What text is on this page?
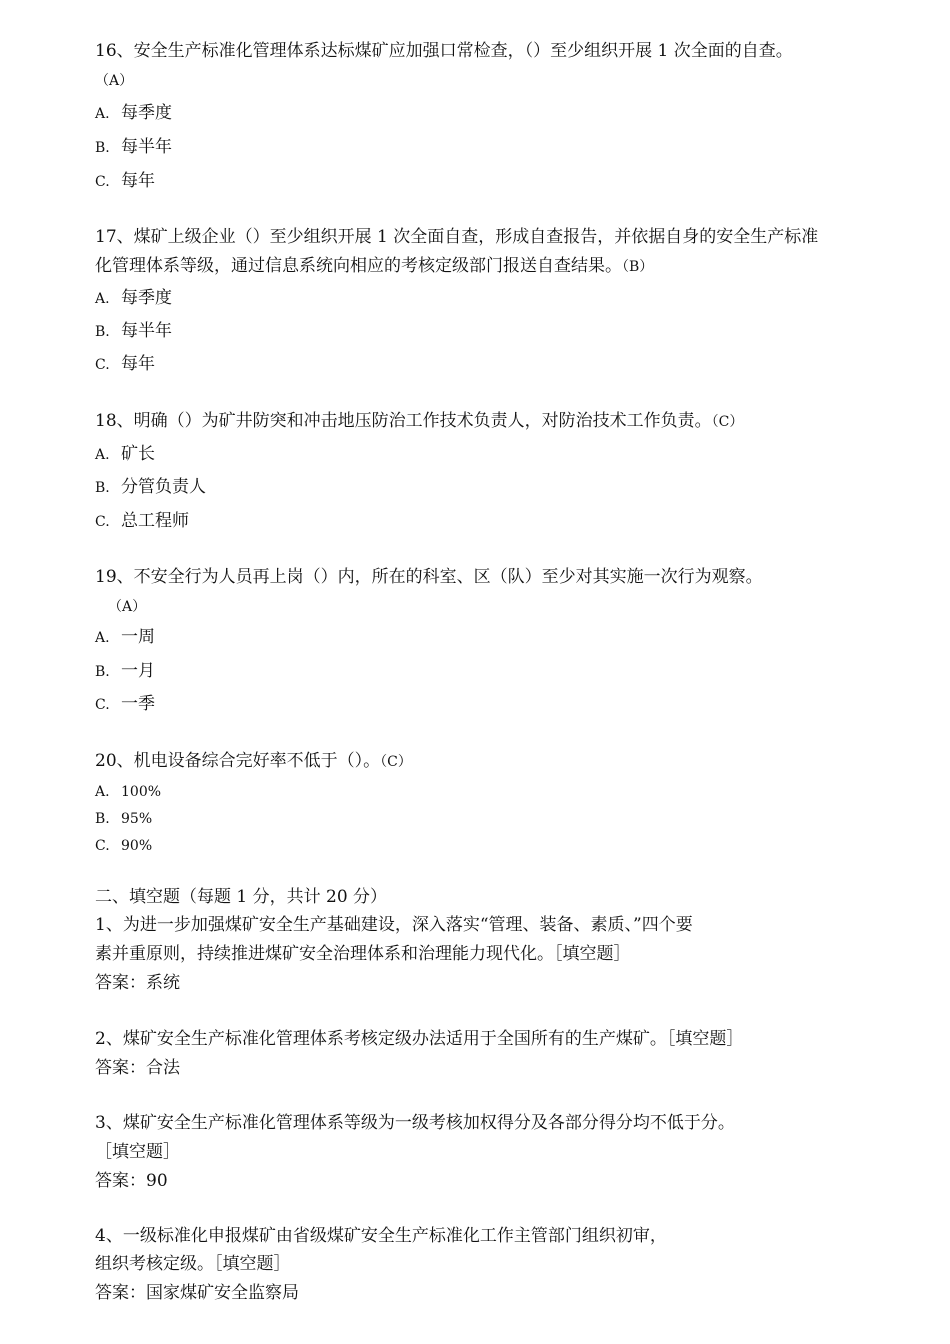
16、安全生产标准化管理体系达标煤矿应加强口常检查，（）至少组织开展 1 次全面的自查。
（A）
A. 每季度
B. 每半年
C. 每年
17、煤矿上级企业（）至少组织开展 1 次全面自查，形成自查报告，并依据自身的安全生产标准
化管理体系等级，通过信息系统向相应的考核定级部门报送自查结果。（B）
A. 每季度
B. 每半年
C. 每年
18、明确（）为矿井防突和冲击地压防治工作技术负责人，对防治技术工作负责。（C）
A. 矿长
B. 分管负责人
C. 总工程师
19、不安全行为人员再上岗（）内，所在的科室、区（队）至少对其实施一次行为观察。
（A）
A. 一周
B. 一月
C. 一季
20、机电设备综合完好率不低于（）。（C）
A. 100%
B. 95%
C. 90%
二、填空题（每题 1 分，共计 20 分）
1、为进一步加强煤矿安全生产基础建设，深入落实“管理、装备、素质、”四个要
素并重原则，持续推进煤矿安全治理体系和治理能力现代化。［填空题］
答案：系统
2、煤矿安全生产标准化管理体系考核定级办法适用于全国所有的生产煤矿。［填空题］
答案：合法
3、煤矿安全生产标准化管理体系等级为一级考核加权得分及各部分得分均不低于分。
［填空题］
答案：90
4、一级标准化申报煤矿由省级煤矿安全生产标准化工作主管部门组织初审，
组织考核定级。［填空题］
答案：国家煤矿安全监察局
